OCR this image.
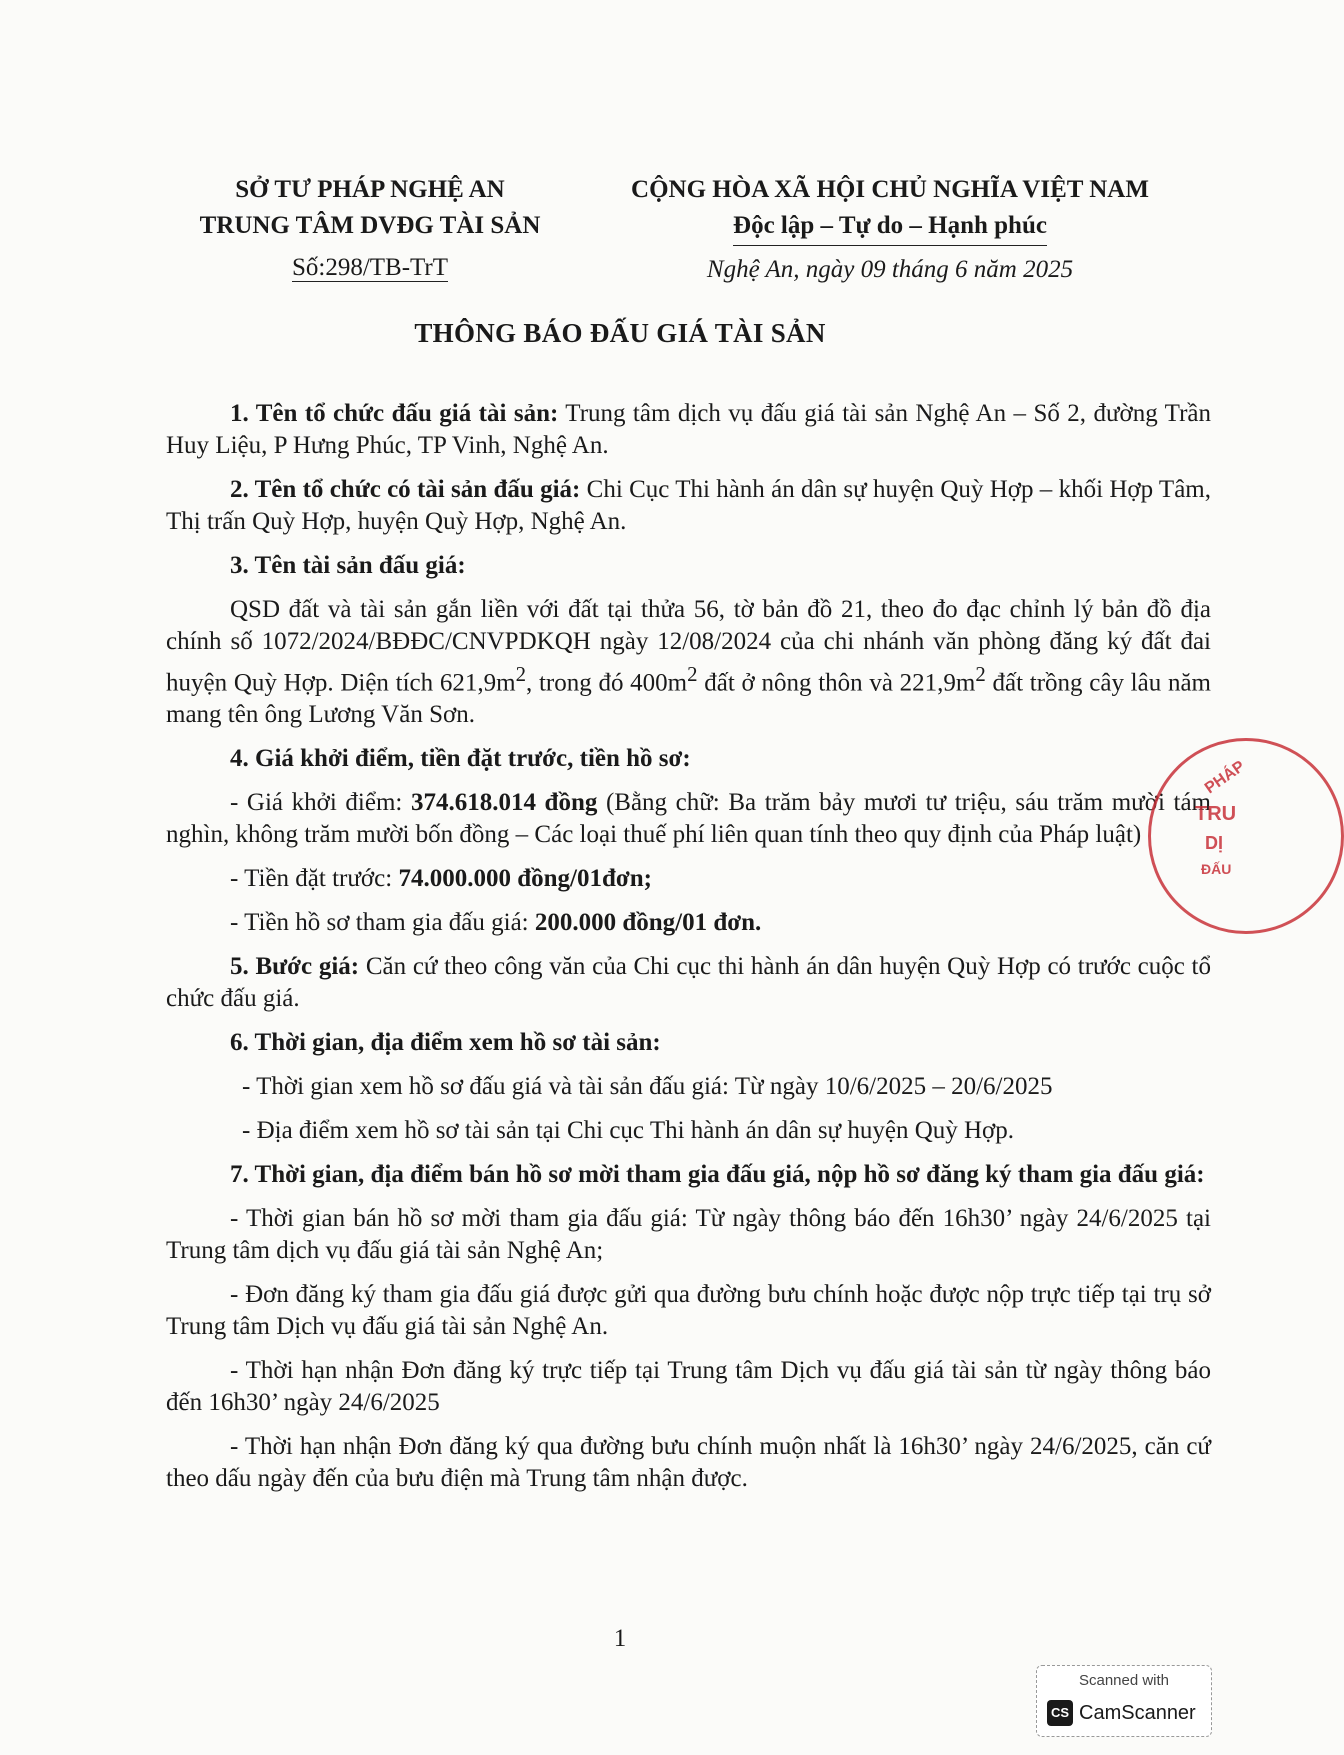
SỞ TƯ PHÁP NGHỆ AN
TRUNG TÂM DVĐG TÀI SẢN
Số:298/TB-TrT
CỘNG HÒA XÃ HỘI CHỦ NGHĨA VIỆT NAM
Độc lập – Tự do – Hạnh phúc
Nghệ An, ngày 09 tháng 6 năm 2025
THÔNG BÁO ĐẤU GIÁ TÀI SẢN

1. Tên tổ chức đấu giá tài sản: Trung tâm dịch vụ đấu giá tài sản Nghệ An – Số 2, đường Trần Huy Liệu, P Hưng Phúc, TP Vinh, Nghệ An.

2. Tên tổ chức có tài sản đấu giá: Chi Cục Thi hành án dân sự huyện Quỳ Hợp – khối Hợp Tâm, Thị trấn Quỳ Hợp, huyện Quỳ Hợp, Nghệ An.

3. Tên tài sản đấu giá:

QSD đất và tài sản gắn liền với đất tại thửa 56, tờ bản đồ 21, theo đo đạc chỉnh lý bản đồ địa chính số 1072/2024/BĐĐC/CNVPDKQH ngày 12/08/2024 của chi nhánh văn phòng đăng ký đất đai huyện Quỳ Hợp. Diện tích $621,9m^2$, trong đó $400m^2$ đất ở nông thôn và $221,9m^2$ đất trồng cây lâu năm mang tên ông Lương Văn Sơn.

4. Giá khởi điểm, tiền đặt trước, tiền hồ sơ:

- Giá khởi điểm: 374.618.014 đồng (Bằng chữ: Ba trăm bảy mươi tư triệu, sáu trăm mười tám nghìn, không trăm mười bốn đồng – Các loại thuế phí liên quan tính theo quy định của Pháp luật)

- Tiền đặt trước: 74.000.000 đồng/01đơn;

- Tiền hồ sơ tham gia đấu giá: 200.000 đồng/01 đơn.

5. Bước giá: Căn cứ theo công văn của Chi cục thi hành án dân huyện Quỳ Hợp có trước cuộc tổ chức đấu giá.

6. Thời gian, địa điểm xem hồ sơ tài sản:

- Thời gian xem hồ sơ đấu giá và tài sản đấu giá: Từ ngày 10/6/2025 – 20/6/2025

- Địa điểm xem hồ sơ tài sản tại Chi cục Thi hành án dân sự huyện Quỳ Hợp.

7. Thời gian, địa điểm bán hồ sơ mời tham gia đấu giá, nộp hồ sơ đăng ký tham gia đấu giá:

- Thời gian bán hồ sơ mời tham gia đấu giá: Từ ngày thông báo đến 16h30’ ngày 24/6/2025 tại Trung tâm dịch vụ đấu giá tài sản Nghệ An;

- Đơn đăng ký tham gia đấu giá được gửi qua đường bưu chính hoặc được nộp trực tiếp tại trụ sở Trung tâm Dịch vụ đấu giá tài sản Nghệ An.

- Thời hạn nhận Đơn đăng ký trực tiếp tại Trung tâm Dịch vụ đấu giá tài sản từ ngày thông báo đến 16h30’ ngày 24/6/2025

- Thời hạn nhận Đơn đăng ký qua đường bưu chính muộn nhất là 16h30’ ngày 24/6/2025, căn cứ theo dấu ngày đến của bưu điện mà Trung tâm nhận được.

PHÁP
TRU
DỊ
ĐẤU
1
Scanned with
CS CamScanner
